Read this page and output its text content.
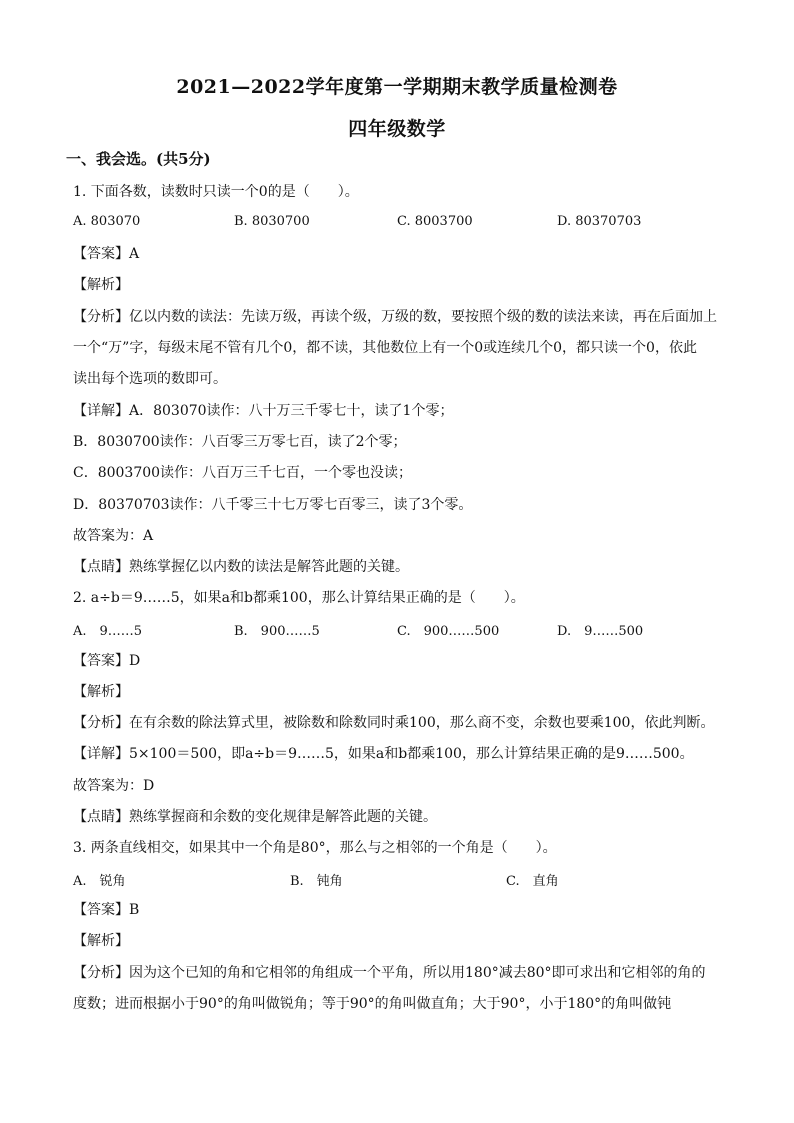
2021—2022学年度第一学期期末教学质量检测卷
四年级数学
一、我会选。(共5分)
1. 下面各数，读数时只读一个0的是（　　）。
A. 803070	B. 8030700	C. 8003700	D. 80370703
【答案】A
【解析】
【分析】亿以内数的读法：先读万级，再读个级，万级的数，要按照个级的数的读法来读，再在后面加上
一个“万”字，每级末尾不管有几个0，都不读，其他数位上有一个0或连续几个0，都只读一个0，依此
读出每个选项的数即可。
【详解】A．803070读作：八十万三千零七十，读了1个零；
B．8030700读作：八百零三万零七百，读了2个零；
C．8003700读作：八百万三千七百，一个零也没读；
D．80370703读作：八千零三十七万零七百零三，读了3个零。
故答案为：A
【点睛】熟练掌握亿以内数的读法是解答此题的关键。
2. a÷b＝9……5，如果a和b都乘100，那么计算结果正确的是（　　）。
A.　9……5	B.　900……5	C.　900……500	D.　9……500
【答案】D
【解析】
【分析】在有余数的除法算式里，被除数和除数同时乘100，那么商不变，余数也要乘100，依此判断。
【详解】5×100＝500，即a÷b＝9……5，如果a和b都乘100，那么计算结果正确的是9……500。
故答案为：D
【点睛】熟练掌握商和余数的变化规律是解答此题的关键。
3. 两条直线相交，如果其中一个角是80°，那么与之相邻的一个角是（　　）。
A.　锐角	B.　钝角	C.　直角
【答案】B
【解析】
【分析】因为这个已知的角和它相邻的角组成一个平角，所以用180°减去80°即可求出和它相邻的角的
度数；进而根据小于90°的角叫做锐角；等于90°的角叫做直角；大于90°，小于180°的角叫做钝
